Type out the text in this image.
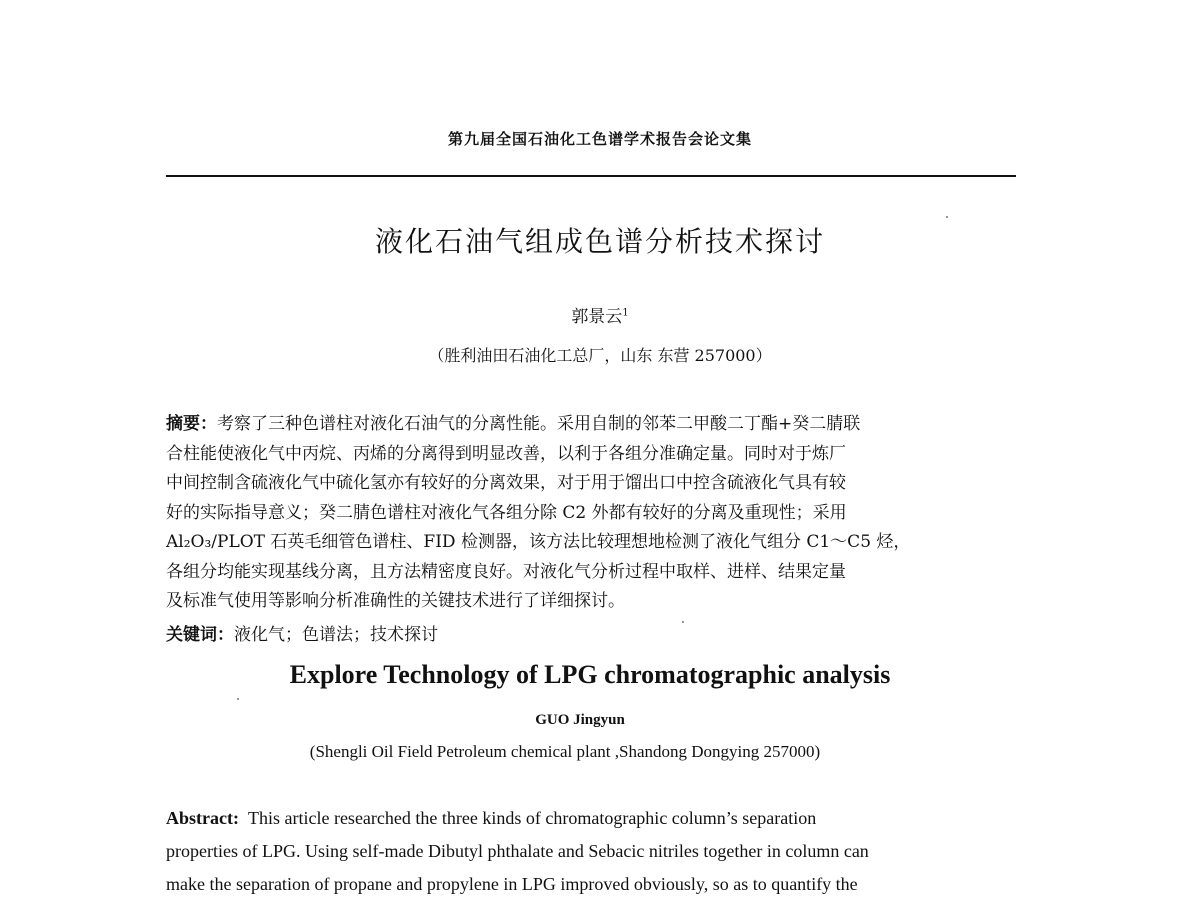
第九届全国石油化工色谱学术报告会论文集
液化石油气组成色谱分析技术探讨
郭景云$^1$
（胜利油田石油化工总厂，山东 东营 257000）
摘要：考察了三种色谱柱对液化石油气的分离性能。采用自制的邻苯二甲酸二丁酯+癸二腈联
合柱能使液化气中丙烷、丙烯的分离得到明显改善，以利于各组分准确定量。同时对于炼厂
中间控制含硫液化气中硫化氢亦有较好的分离效果，对于用于馏出口中控含硫液化气具有较
好的实际指导意义；癸二腈色谱柱对液化气各组分除 C2 外都有较好的分离及重现性；采用
Al₂O₃/PLOT 石英毛细管色谱柱、FID 检测器，该方法比较理想地检测了液化气组分 C1～C5 烃，
各组分均能实现基线分离，且方法精密度良好。对液化气分析过程中取样、进样、结果定量
及标准气使用等影响分析准确性的关键技术进行了详细探讨。
关键词：液化气；色谱法；技术探讨
Explore Technology of LPG chromatographic analysis
GUO Jingyun
(Shengli Oil Field Petroleum chemical plant ,Shandong Dongying 257000)
Abstract: This article researched the three kinds of chromatographic column’s separation
properties of LPG. Using self-made Dibutyl phthalate and Sebacic nitriles together in column can
make the separation of propane and propylene in LPG improved obviously, so as to quantify the
